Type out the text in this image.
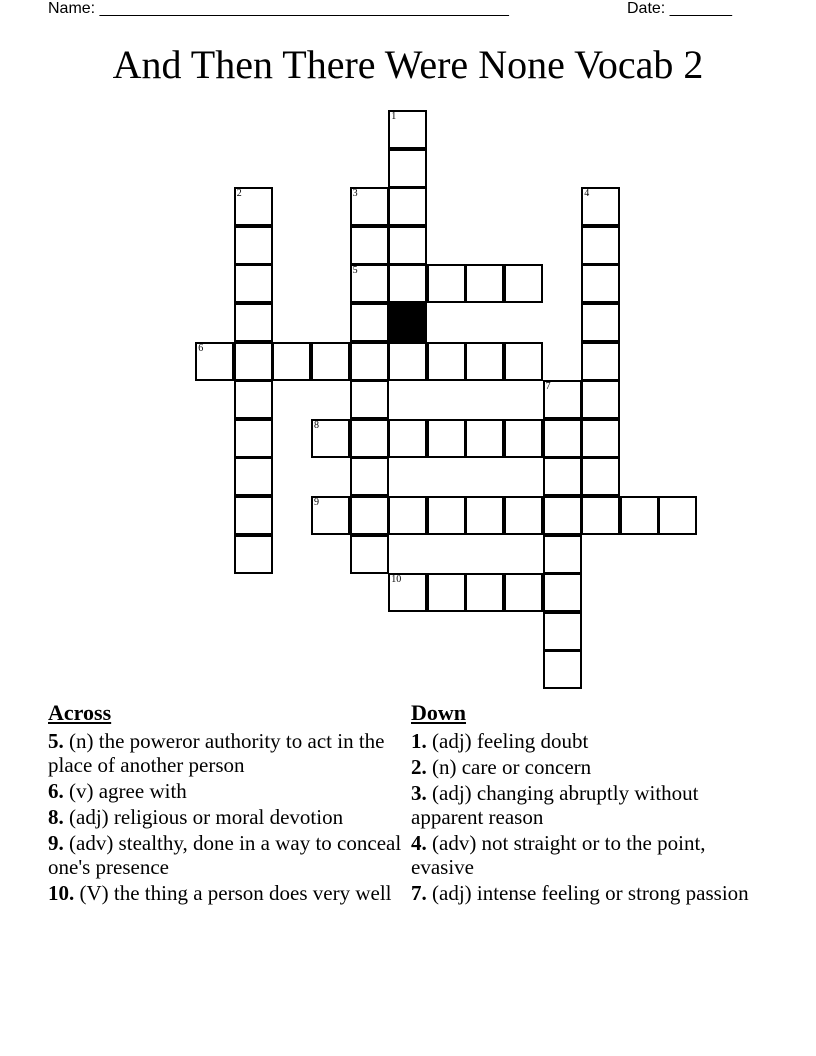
Name: ______________________________________________	Date: _______
And Then There Were None Vocab 2
1
2	3
5
4
6
7
8
9
10
Across
5. (n) the poweror authority to act in the place of another person
6. (v) agree with
8. (adj) religious or moral devotion
9. (adv) stealthy, done in a way to conceal one's presence
10. (V) the thing a person does very well
Down
1. (adj) feeling doubt
2. (n) care or concern
3. (adj) changing abruptly without apparent reason
4. (adv) not straight or to the point, evasive
7. (adj) intense feeling or strong passion
